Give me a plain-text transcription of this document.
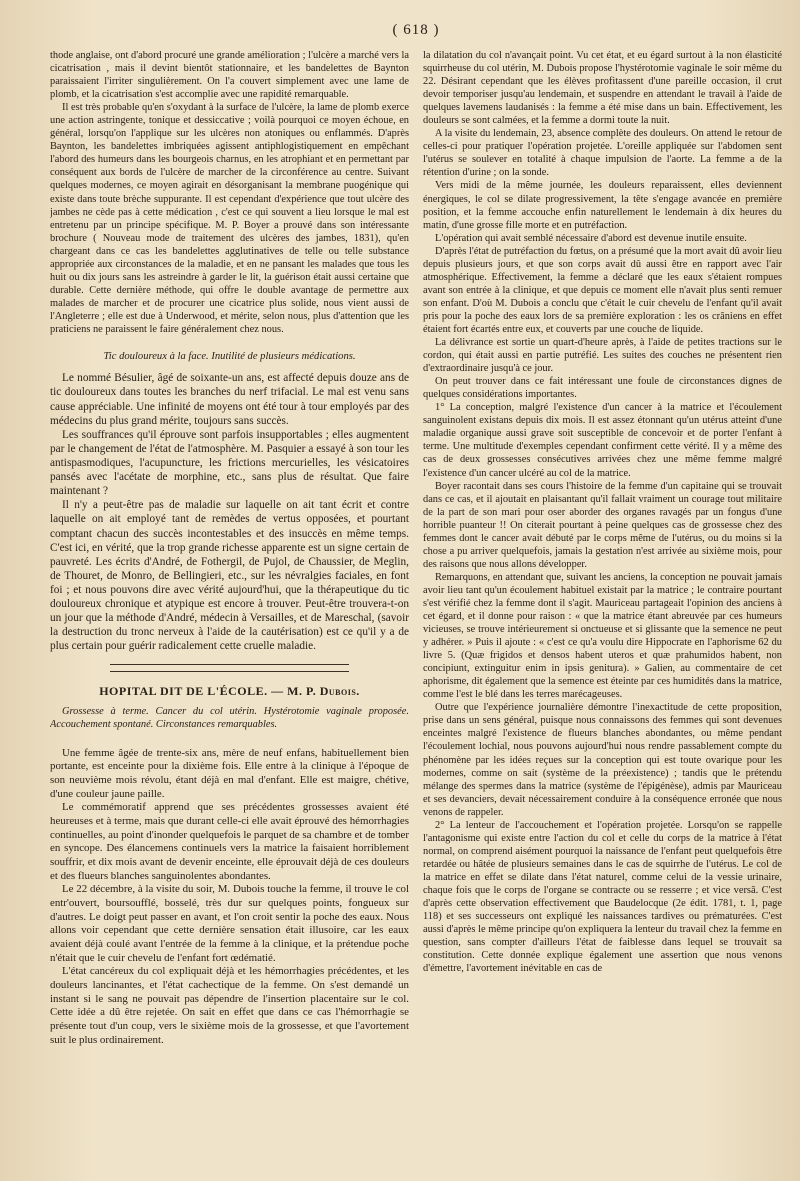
( 618 )

thode anglaise, ont d'abord procuré une grande amélioration ; l'ulcère a marché vers la cicatrisation , mais il devint bientôt stationnaire, et les bandelettes de Baynton paraissaient l'irriter singulièrement. On l'a couvert simplement avec une lame de plomb, et la cicatrisation s'est accomplie avec une rapidité remarquable.

Il est très probable qu'en s'oxydant à la surface de l'ulcère, la lame de plomb exerce une action astringente, tonique et dessiccative ; voilà pourquoi ce moyen échoue, en général, lorsqu'on l'applique sur les ulcères non atoniques ou enflammés. D'après Baynton, les bandelettes imbriquées agissent antiphlogistiquement en empêchant l'abord des humeurs dans les bourgeois charnus, en les atrophiant et en permettant par conséquent aux bords de l'ulcère de marcher de la circonférence au centre. Suivant quelques modernes, ce moyen agirait en désorganisant la membrane puogénique qui existe dans toute brèche suppurante. Il est cependant d'expérience que tout ulcère des jambes ne cède pas à cette médication , c'est ce qui souvent a lieu lorsque le mal est entretenu par un principe spécifique. M. P. Boyer a prouvé dans son intéressante brochure ( Nouveau mode de traitement des ulcères des jambes, 1831), qu'en chargeant dans ce cas les bandelettes agglutinatives de telle ou telle substance appropriée aux circonstances de la maladie, et en ne pansant les malades que tous les huit ou dix jours sans les astreindre à garder le lit, la guérison était aussi certaine que durable. Cette dernière méthode, qui offre le double avantage de permettre aux malades de marcher et de procurer une cicatrice plus solide, nous vient aussi de l'Angleterre ; elle est due à Underwood, et mérite, selon nous, plus d'attention que les praticiens ne paraissent le faire généralement chez nous.

Tic douloureux à la face. Inutilité de plusieurs médications.

Le nommé Bésulier, âgé de soixante-un ans, est affecté depuis douze ans de tic douloureux dans toutes les branches du nerf trifacial. Le mal est venu sans cause appréciable. Une infinité de moyens ont été tour à tour employés par des médecins du plus grand mérite, toujours sans succès.

Les souffrances qu'il éprouve sont parfois insupportables ; elles augmentent par le changement de l'état de l'atmosphère. M. Pasquier a essayé à son tour les antispasmodiques, l'acupuncture, les frictions mercurielles, les vésicatoires pansés avec l'acétate de morphine, etc., sans plus de résultat. Que faire maintenant ?

Il n'y a peut-être pas de maladie sur laquelle on ait tant écrit et contre laquelle on ait employé tant de remèdes de vertus opposées, et pourtant comptant chacun des succès incontestables et des insuccès en même temps. C'est ici, en vérité, que la trop grande richesse apparente est un signe certain de pauvreté. Les écrits d'André, de Fothergil, de Pujol, de Chaussier, de Meglin, de Thouret, de Monro, de Bellingieri, etc., sur les névralgies faciales, en font foi ; et nous pouvons dire avec vérité aujourd'hui, que la thérapeutique du tic douloureux chronique et atypique est encore à trouver. Peut-être trouvera-t-on un jour que la méthode d'André, médecin à Versailles, et de Mareschal, (savoir la destruction du tronc nerveux à l'aide de la cautérisation) est ce qu'il y a de plus certain pour guérir radicalement cette cruelle maladie.

HOPITAL DIT DE L'ÉCOLE. — M. P. Dubois.
Grossesse à terme. Cancer du col utérin. Hystérotomie vaginale proposée. Accouchement spontané. Circonstances remarquables.

Une femme âgée de trente-six ans, mère de neuf enfans, habituellement bien portante, est enceinte pour la dixième fois. Elle entre à la clinique à l'époque de son neuvième mois révolu, étant déjà en mal d'enfant. Elle est maigre, chétive, d'une couleur jaune paille.

Le commémoratif apprend que ses précédentes grossesses avaient été heureuses et à terme, mais que durant celle-ci elle avait éprouvé des hémorrhagies continuelles, au point d'inonder quelquefois le parquet de sa chambre et de tomber en syncope. Des élancemens continuels vers la matrice la faisaient horriblement souffrir, et dix mois avant de devenir enceinte, elle éprouvait déjà de ces douleurs et des flueurs blanches sanguinolentes abondantes.

Le 22 décembre, à la visite du soir, M. Dubois touche la femme, il trouve le col entr'ouvert, boursoufflé, bosselé, très dur sur quelques points, fongueux sur d'autres. Le doigt peut passer en avant, et l'on croit sentir la poche des eaux. Nous allons voir cependant que cette dernière sensation était illusoire, car les eaux avaient déjà coulé avant l'entrée de la femme à la clinique, et la prétendue poche n'était que le cuir chevelu de l'enfant fort œdématié.

L'état cancéreux du col expliquait déjà et les hémorrhagies précédentes, et les douleurs lancinantes, et l'état cachectique de la femme. On s'est demandé un instant si le sang ne pouvait pas dépendre de l'insertion placentaire sur le col. Cette idée a dû être rejetée. On sait en effet que dans ce cas l'hémorrhagie se présente tout d'un coup, vers le sixième mois de la grossesse, et que l'avortement suit le plus ordinairement.

la dilatation du col n'avançait point. Vu cet état, et eu égard surtout à la non élasticité squirrheuse du col utérin, M. Dubois propose l'hystérotomie vaginale le soir même du 22. Désirant cependant que les élèves profitassent d'une pareille occasion, il crut devoir temporiser jusqu'au lendemain, et suspendre en attendant le travail à l'aide de quelques lavemens laudanisés : la femme a été mise dans un bain. Effectivement, les douleurs se sont calmées, et la femme a dormi toute la nuit.

A la visite du lendemain, 23, absence complète des douleurs. On attend le retour de celles-ci pour pratiquer l'opération projetée. L'oreille appliquée sur l'abdomen sent l'utérus se soulever en totalité à chaque impulsion de l'aorte. La femme a de la rétention d'urine ; on la sonde.

Vers midi de la même journée, les douleurs reparaissent, elles deviennent énergiques, le col se dilate progressivement, la tête s'engage avancée en première position, et la femme accouche enfin naturellement le lendemain à dix heures du matin, d'une grosse fille morte et en putréfaction.

L'opération qui avait semblé nécessaire d'abord est devenue inutile ensuite.

D'après l'état de putréfaction du fœtus, on a présumé que la mort avait dû avoir lieu depuis plusieurs jours, et que son corps avait dû aussi être en rapport avec l'air atmosphérique. Effectivement, la femme a déclaré que les eaux s'étaient rompues avant son entrée à la clinique, et que depuis ce moment elle n'avait plus senti remuer son enfant. D'où M. Dubois a conclu que c'était le cuir chevelu de l'enfant qu'il avait pris pour la poche des eaux lors de sa première exploration : les os crâniens en effet étaient fort écartés entre eux, et couverts par une couche de liquide.

La délivrance est sortie un quart-d'heure après, à l'aide de petites tractions sur le cordon, qui était aussi en partie putréfié. Les suites des couches ne présentent rien d'extraordinaire jusqu'à ce jour.

On peut trouver dans ce fait intéressant une foule de circonstances dignes de quelques considérations importantes.

1° La conception, malgré l'existence d'un cancer à la matrice et l'écoulement sanguinolent existans depuis dix mois. Il est assez étonnant qu'un utérus atteint d'une maladie organique aussi grave soit susceptible de concevoir et de porter l'enfant à terme. Une multitude d'exemples cependant confirment cette vérité. Il y a même des cas de deux grossesses consécutives arrivées chez une même femme malgré l'existence d'un cancer ulcéré au col de la matrice.

Boyer racontait dans ses cours l'histoire de la femme d'un capitaine qui se trouvait dans ce cas, et il ajoutait en plaisantant qu'il fallait vraiment un courage tout militaire de la part de son mari pour oser aborder des organes ravagés par un fongus d'une horrible puanteur !! On citerait pourtant à peine quelques cas de grossesse chez des femmes dont le cancer avait débuté par le corps même de l'utérus, ou du moins si la chose a pu arriver quelquefois, jamais la gestation n'est arrivée au sixième mois, pour des raisons que nous allons développer.

Remarquons, en attendant que, suivant les anciens, la conception ne pouvait jamais avoir lieu tant qu'un écoulement habituel existait par la matrice ; le contraire pourtant s'est vérifié chez la femme dont il s'agit. Mauriceau partageait l'opinion des anciens à cet égard, et il donne pour raison : « que la matrice étant abreuvée par ces humeurs vicieuses, se trouve intérieurement si onctueuse et si glissante que la semence ne peut y adhérer. » Puis il ajoute : « c'est ce qu'a voulu dire Hippocrate en l'aphorisme 62 du livre 5. (Quæ frigidos et densos habent uteros et quæ prahumidos habent, non concipiunt, extinguitur enim in ipsis genitura). » Galien, au commentaire de cet aphorisme, dit également que la semence est éteinte par ces humidités dans la matrice, comme l'est le blé dans les terres marécageuses.

Outre que l'expérience journalière démontre l'inexactitude de cette proposition, prise dans un sens général, puisque nous connaissons des femmes qui sont devenues enceintes malgré l'existence de flueurs blanches abondantes, ou même pendant l'écoulement lochial, nous pouvons aujourd'hui nous rendre passablement compte du phénomène par les idées reçues sur la conception qui est toute ovarique pour les modernes, comme on sait (système de la préexistence) ; tandis que le prétendu mélange des spermes dans la matrice (système de l'épigénèse), admis par Mauriceau et ses devanciers, devait nécessairement conduire à la conséquence erronée que nous venons de rappeler.

2° La lenteur de l'accouchement et l'opération projetée. Lorsqu'on se rappelle l'antagonisme qui existe entre l'action du col et celle du corps de la matrice à l'état normal, on comprend aisément pourquoi la naissance de l'enfant peut quelquefois être retardée ou hâtée de plusieurs semaines dans le cas de squirrhe de l'utérus. Le col de la matrice en effet se dilate dans l'état naturel, comme celui de la vessie urinaire, chaque fois que le corps de l'organe se contracte ou se resserre ; et vice versâ. C'est d'après cette observation effectivement que Baudelocque (2e édit. 1781, t. 1, page 118) et ses successeurs ont expliqué les naissances tardives ou prématurées. C'est aussi d'après le même principe qu'on expliquera la lenteur du travail chez la femme en question, sans compter d'ailleurs l'état de faiblesse dans lequel se trouvait sa constitution. Cette donnée explique également une assertion que nous venons d'émettre, l'avortement inévitable en cas de
